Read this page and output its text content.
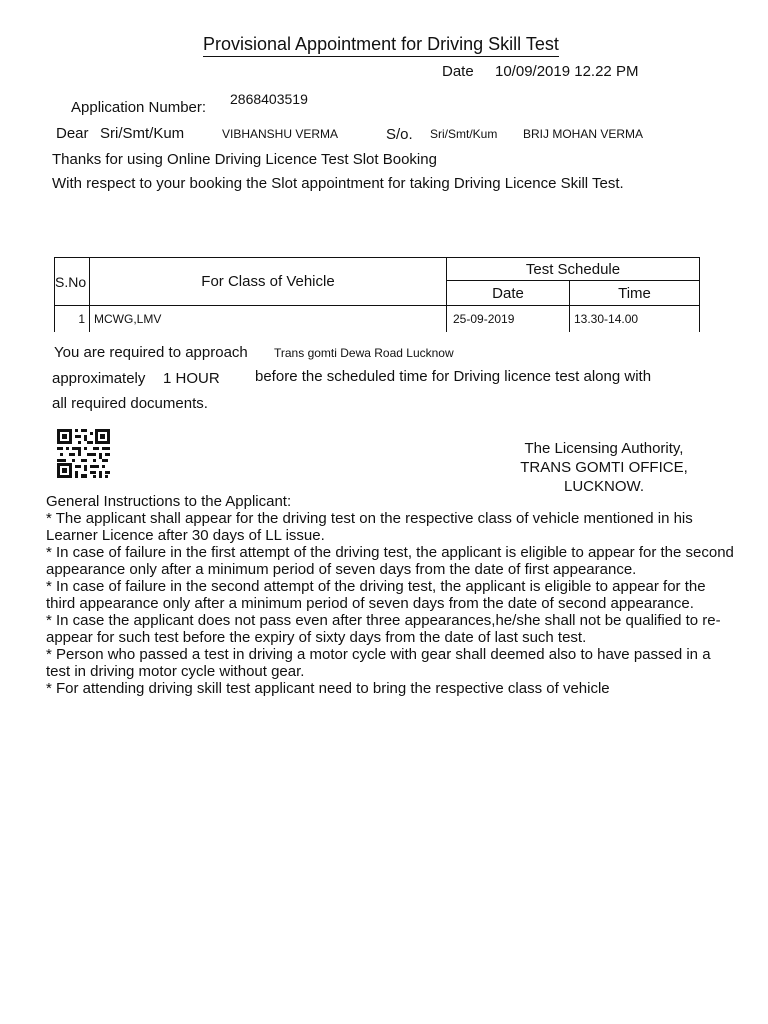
Provisional Appointment for Driving Skill Test
Date 10/09/2019 12.22 PM
Application Number: 2868403519
Dear Sri/Smt/Kum	VIBHANSHU VERMA	S/o. Sri/Smt/Kum BRIJ MOHAN VERMA
Thanks for using Online Driving Licence Test Slot Booking
With respect to your booking the Slot appointment for taking Driving Licence Skill Test.
S.No	For Class of Vehicle	Test Schedule	
		Date	Time
1	MCWG,LMV	25-09-2019	13.30-14.00
You are required to approach Trans gomti Dewa Road Lucknow
approximately 1 HOUR before the scheduled time for Driving licence test along with
all required documents.
The Licensing Authority,
TRANS GOMTI OFFICE,
LUCKNOW.

General Instructions to the Applicant:

* The applicant shall appear for the driving test on the respective class of vehicle mentioned in his Learner Licence after 30 days of LL issue.

* In case of failure in the first attempt of the driving test, the applicant is eligible to appear for the second appearance only after a minimum period of seven days from the date of first appearance.

* In case of failure in the second attempt of the driving test, the applicant is eligible to appear for the third appearance only after a minimum period of seven days from the date of second appearance.

* In case the applicant does not pass even after three appearances,he/she shall not be qualified to re-appear for such test before the expiry of sixty days from the date of last such test.

* Person who passed a test in driving a motor cycle with gear shall deemed also to have passed in a test in driving motor cycle without gear.

* For attending driving skill test applicant need to bring the respective class of vehicle
